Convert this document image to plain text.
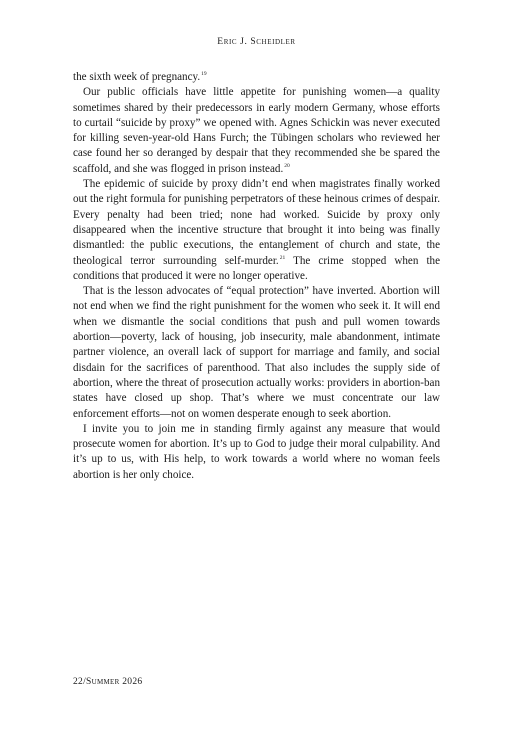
Eric J. Scheidler

the sixth week of pregnancy.$^{19}$

Our public officials have little appetite for punishing women—a quality sometimes shared by their predecessors in early modern Germany, whose efforts to curtail “suicide by proxy” we opened with. Agnes Schickin was never executed for killing seven-year-old Hans Furch; the Tübingen scholars who reviewed her case found her so deranged by despair that they recommended she be spared the scaffold, and she was flogged in prison instead.$^{20}$

The epidemic of suicide by proxy didn’t end when magistrates finally worked out the right formula for punishing perpetrators of these heinous crimes of despair. Every penalty had been tried; none had worked. Suicide by proxy only disappeared when the incentive structure that brought it into being was finally dismantled: the public executions, the entanglement of church and state, the theological terror surrounding self-murder.$^{21}$ The crime stopped when the conditions that produced it were no longer operative.

That is the lesson advocates of “equal protection” have inverted. Abortion will not end when we find the right punishment for the women who seek it. It will end when we dismantle the social conditions that push and pull women towards abortion—poverty, lack of housing, job insecurity, male abandonment, intimate partner violence, an overall lack of support for marriage and family, and social disdain for the sacrifices of parenthood. That also includes the supply side of abortion, where the threat of prosecution actually works: providers in abortion-ban states have closed up shop. That’s where we must concentrate our law enforcement efforts—not on women desperate enough to seek abortion.

I invite you to join me in standing firmly against any measure that would prosecute women for abortion. It’s up to God to judge their moral culpability. And it’s up to us, with His help, to work towards a world where no woman feels abortion is her only choice.

22/Summer 2026
